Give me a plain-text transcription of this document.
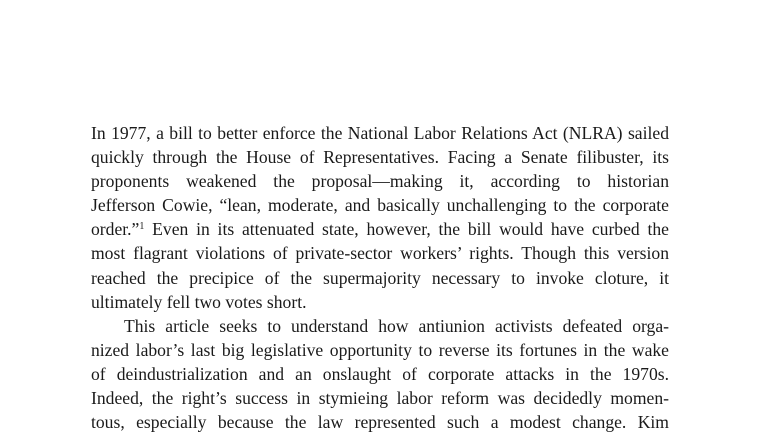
In 1977, a bill to better enforce the National Labor Relations Act (NLRA) sailed
quickly through the House of Representatives. Facing a Senate filibuster, its
proponents weakened the proposal—making it, according to historian
Jefferson Cowie, “lean, moderate, and basically unchallenging to the corporate
order.”$^1$ Even in its attenuated state, however, the bill would have curbed the
most flagrant violations of private-sector workers’ rights. Though this version
reached the precipice of the supermajority necessary to invoke cloture, it
ultimately fell two votes short.
This article seeks to understand how antiunion activists defeated orga-
nized labor’s last big legislative opportunity to reverse its fortunes in the wake
of deindustrialization and an onslaught of corporate attacks in the 1970s.
Indeed, the right’s success in stymieing labor reform was decidedly momen-
tous, especially because the law represented such a modest change. Kim
